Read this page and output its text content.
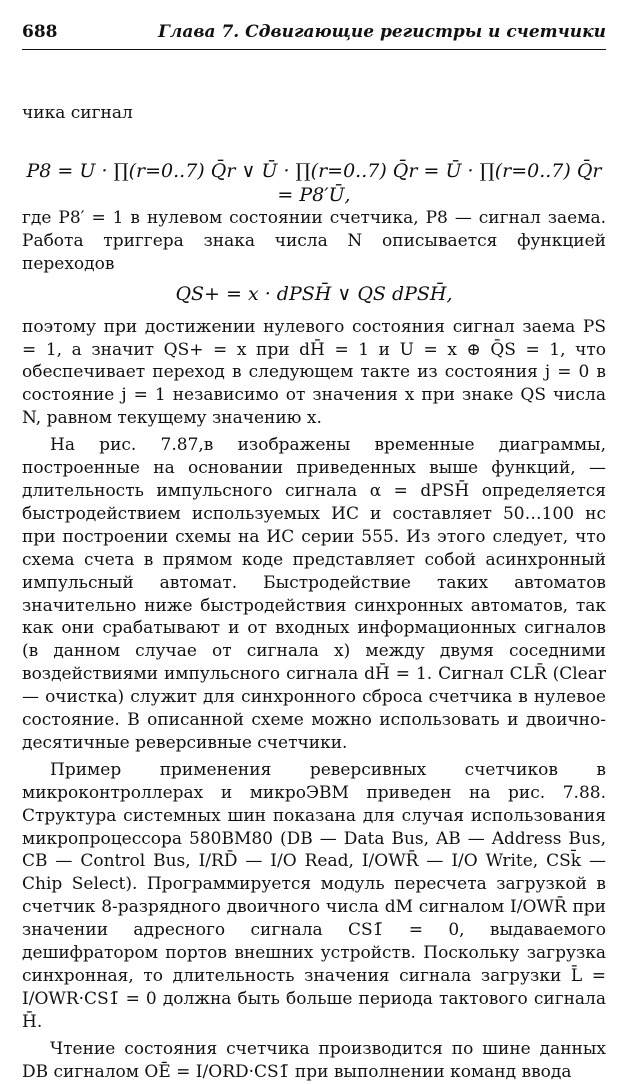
688	Глава 7. Сдвигающие регистры и счетчики

чика сигнал

P8 = U · ∏(r=0..7) Q̄r ∨ Ū · ∏(r=0..7) Q̄r = Ū · ∏(r=0..7) Q̄r = P8′Ū,

где P8′ = 1 в нулевом состоянии счетчика, P8 — сигнал заема. Работа триггера знака числа N описывается функцией переходов

QS+ = x · dPSH̄ ∨ QS dPSH̄,

поэтому при достижении нулевого состояния сигнал заема PS = 1, а значит QS+ = x при dH̄ = 1 и U = x ⊕ Q̄S = 1, что обеспечивает переход в следующем такте из состояния j = 0 в состояние j = 1 независимо от значения x при знаке QS числа N, равном текущему значению x.

На рис. 7.87,в изображены временные диаграммы, построенные на основании приведенных выше функций, — длительность импульсного сигнала α = dPSH̄ определяется быстродействием используемых ИС и составляет 50…100 нс при построении схемы на ИС серии 555. Из этого следует, что схема счета в прямом коде представляет собой асинхронный импульсный автомат. Быстродействие таких автоматов значительно ниже быстродействия синхронных автоматов, так как они срабатывают и от входных информационных сигналов (в данном случае от сигнала x) между двумя соседними воздействиями импульсного сигнала dH̄ = 1. Сигнал CLR̄ (Clear — очистка) служит для синхронного сброса счетчика в нулевое состояние. В описанной схеме можно использовать и двоично-десятичные реверсивные счетчики.

Пример применения реверсивных счетчиков в микроконтроллерах и микроЭВМ приведен на рис. 7.88. Структура системных шин показана для случая использования микропроцессора 580ВМ80 (DB — Data Bus, AB — Address Bus, CB — Control Bus, I/RD̄ — I/O Read, I/OWR̄ — I/O Write, CSk̄ — Chip Select). Программируется модуль пересчета загрузкой в счетчик 8-разрядного двоичного числа dM сигналом I/OWR̄ при значении адресного сигнала CS1̄ = 0, выдаваемого дешифратором портов внешних устройств. Поскольку загрузка синхронная, то длительность значения сигнала загрузки L̄ = I/OWR·CS1̄ = 0 должна быть больше периода тактового сигнала H̄.

Чтение состояния счетчика производится по шине данных DB сигналом OĒ = I/ORD·CS1̄ при выполнении команд ввода
